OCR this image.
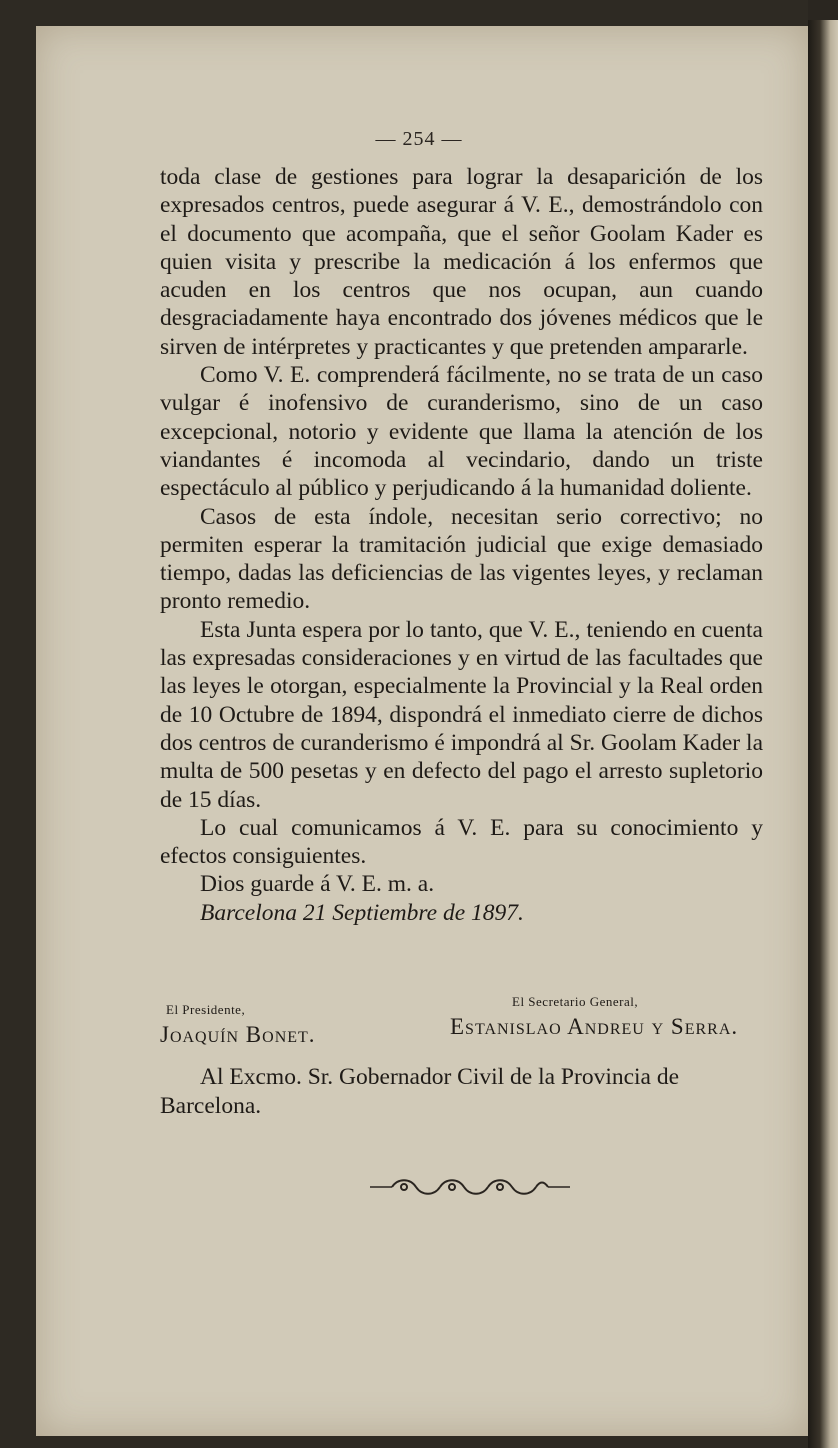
— 254 —

toda clase de gestiones para lograr la desaparición de los expresados centros, puede asegurar á V. E., demostrándolo con el documento que acompaña, que el señor Goolam Kader es quien visita y prescribe la medicación á los enfermos que acuden en los centros que nos ocupan, aun cuando desgraciadamente haya encontrado dos jóvenes médicos que le sirven de intérpretes y practicantes y que pretenden ampararle.

Como V. E. comprenderá fácilmente, no se trata de un caso vulgar é inofensivo de curanderismo, sino de un caso excepcional, notorio y evidente que llama la atención de los viandantes é incomoda al vecindario, dando un triste espectáculo al público y perjudicando á la humanidad doliente.

Casos de esta índole, necesitan serio correctivo; no permiten esperar la tramitación judicial que exige demasiado tiempo, dadas las deficiencias de las vigentes leyes, y reclaman pronto remedio.

Esta Junta espera por lo tanto, que V. E., teniendo en cuenta las expresadas consideraciones y en virtud de las facultades que las leyes le otorgan, especialmente la Provincial y la Real orden de 10 Octubre de 1894, dispondrá el inmediato cierre de dichos dos centros de curanderismo é impondrá al Sr. Goolam Kader la multa de 500 pesetas y en defecto del pago el arresto supletorio de 15 días.

Lo cual comunicamos á V. E. para su conocimiento y efectos consiguientes.

Dios guarde á V. E. m. a.

Barcelona 21 Septiembre de 1897.

El Presidente,
Joaquín Bonet.
El Secretario General,
Estanislao Andreu y Serra.
Al Excmo. Sr. Gobernador Civil de la Provincia de
Barcelona.
